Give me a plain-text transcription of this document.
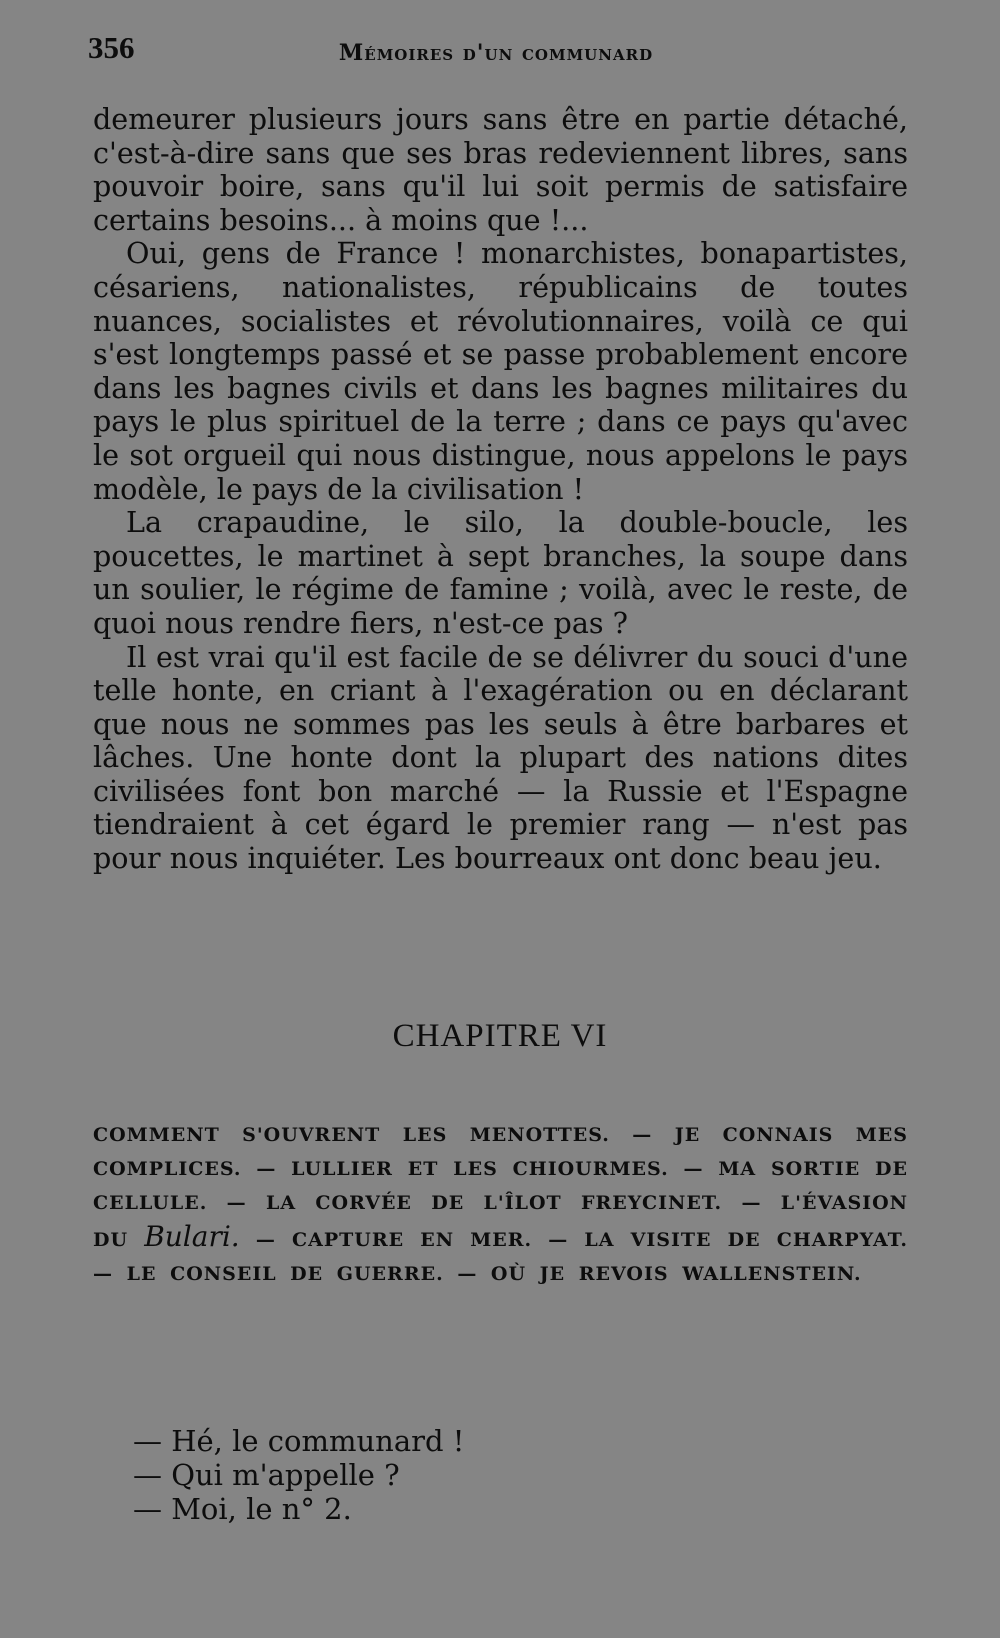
356	Mémoires d'un communard

demeurer plusieurs jours sans être en partie détaché, c'est-à-dire sans que ses bras redeviennent libres, sans pouvoir boire, sans qu'il lui soit permis de satisfaire certains besoins... à moins que !...

Oui, gens de France ! monarchistes, bonapartistes, césariens, nationalistes, républicains de toutes nuances, socialistes et révolutionnaires, voilà ce qui s'est longtemps passé et se passe probablement encore dans les bagnes civils et dans les bagnes militaires du pays le plus spirituel de la terre ; dans ce pays qu'avec le sot orgueil qui nous distingue, nous appelons le pays modèle, le pays de la civilisation !

La crapaudine, le silo, la double-boucle, les poucettes, le martinet à sept branches, la soupe dans un soulier, le régime de famine ; voilà, avec le reste, de quoi nous rendre fiers, n'est-ce pas ?

Il est vrai qu'il est facile de se délivrer du souci d'une telle honte, en criant à l'exagération ou en déclarant que nous ne sommes pas les seuls à être barbares et lâches. Une honte dont la plupart des nations dites civilisées font bon marché — la Russie et l'Espagne tiendraient à cet égard le premier rang — n'est pas pour nous inquiéter. Les bourreaux ont donc beau jeu.

CHAPITRE VI
COMMENT S'OUVRENT LES MENOTTES. — JE CONNAIS MES COMPLICES. — LULLIER ET LES CHIOURMES. — MA SORTIE DE CELLULE. — LA CORVÉE DE L'ÎLOT FREYCINET. — L'ÉVASION DU Bulari. — CAPTURE EN MER. — LA VISITE DE CHARPYAT. — LE CONSEIL DE GUERRE. — OÙ JE REVOIS WALLENSTEIN.
— Hé, le communard !
— Qui m'appelle ?
— Moi, le n° 2.
